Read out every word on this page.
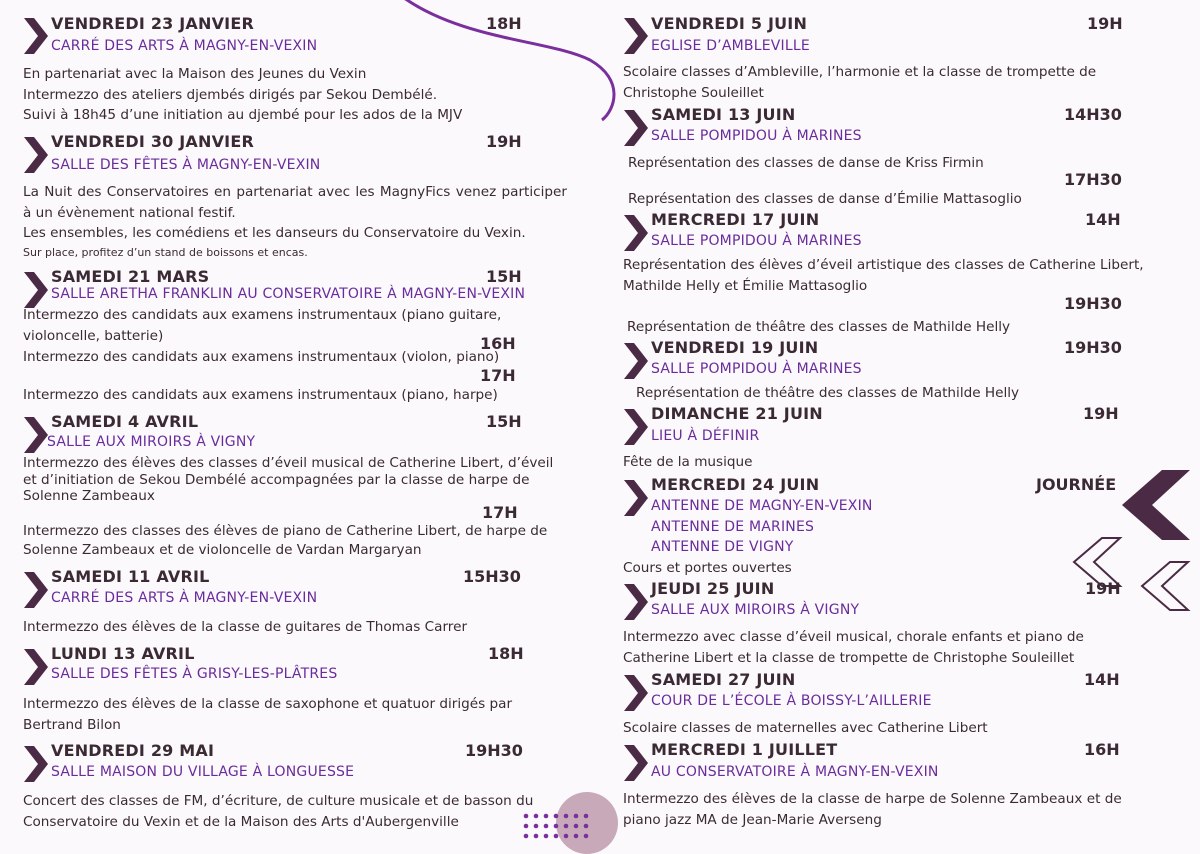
VENDREDI 23 JANVIER	18H
CARRÉ DES ARTS À MAGNY-EN-VEXIN
En partenariat avec la Maison des Jeunes du Vexin
Intermezzo des ateliers djembés dirigés par Sekou Dembélé.
Suivi à 18h45 d’une initiation au djembé pour les ados de la MJV
VENDREDI 30 JANVIER	19H
SALLE DES FÊTES À MAGNY-EN-VEXIN
La Nuit des Conservatoires en partenariat avec les MagnyFics venez participer à un évènement national festif.
Les ensembles, les comédiens et les danseurs du Conservatoire du Vexin.
Sur place, profitez d’un stand de boissons et encas.
SAMEDI 21 MARS	15H
SALLE ARETHA FRANKLIN AU CONSERVATOIRE À MAGNY-EN-VEXIN
Intermezzo des candidats aux examens instrumentaux (piano guitare, violoncelle, batterie)	16H
Intermezzo des candidats aux examens instrumentaux (violon, piano)
17H
Intermezzo des candidats aux examens instrumentaux (piano, harpe)
SAMEDI 4 AVRIL	15H
SALLE AUX MIROIRS À VIGNY
Intermezzo des élèves des classes d’éveil musical de Catherine Libert, d’éveil et d’initiation de Sekou Dembélé accompagnées par la classe de harpe de Solenne Zambeaux
17H
Intermezzo des classes des élèves de piano de Catherine Libert, de harpe de Solenne Zambeaux et de violoncelle de Vardan Margaryan
SAMEDI 11 AVRIL	15H30
CARRÉ DES ARTS À MAGNY-EN-VEXIN
Intermezzo des élèves de la classe de guitares de Thomas Carrer
LUNDI 13 AVRIL	18H
SALLE DES FÊTES À GRISY-LES-PLÂTRES
Intermezzo des élèves de la classe de saxophone et quatuor dirigés par Bertrand Bilon
VENDREDI 29 MAI	19H30
SALLE MAISON DU VILLAGE À LONGUESSE
Concert des classes de FM, d’écriture, de culture musicale et de basson du Conservatoire du Vexin et de la Maison des Arts d'Aubergenville
VENDREDI 5 JUIN	19H
EGLISE D’AMBLEVILLE
Scolaire classes d’Ambleville, l’harmonie et la classe de trompette de Christophe Souleillet
SAMEDI 13 JUIN	14H30
SALLE POMPIDOU À MARINES
Représentation des classes de danse de Kriss Firmin
17H30
Représentation des classes de danse d’Émilie Mattasoglio
MERCREDI 17 JUIN	14H
SALLE POMPIDOU À MARINES
Représentation des élèves d’éveil artistique des classes de Catherine Libert, Mathilde Helly et Émilie Mattasoglio
19H30
Représentation de théâtre des classes de Mathilde Helly
VENDREDI 19 JUIN	19H30
SALLE POMPIDOU À MARINES
Représentation de théâtre des classes de Mathilde Helly
DIMANCHE 21 JUIN	19H
LIEU À DÉFINIR
Fête de la musique
MERCREDI 24 JUIN	JOURNÉE
ANTENNE DE MAGNY-EN-VEXIN
ANTENNE DE MARINES
ANTENNE DE VIGNY
Cours et portes ouvertes
JEUDI 25 JUIN	19H
SALLE AUX MIROIRS À VIGNY
Intermezzo avec classe d’éveil musical, chorale enfants et piano de Catherine Libert et la classe de trompette de Christophe Souleillet
SAMEDI 27 JUIN	14H
COUR DE L’ÉCOLE À BOISSY-L’AILLERIE
Scolaire classes de maternelles avec Catherine Libert
MERCREDI 1 JUILLET	16H
AU CONSERVATOIRE À MAGNY-EN-VEXIN
Intermezzo des élèves de la classe de harpe de Solenne Zambeaux et de piano jazz MA de Jean-Marie Averseng
